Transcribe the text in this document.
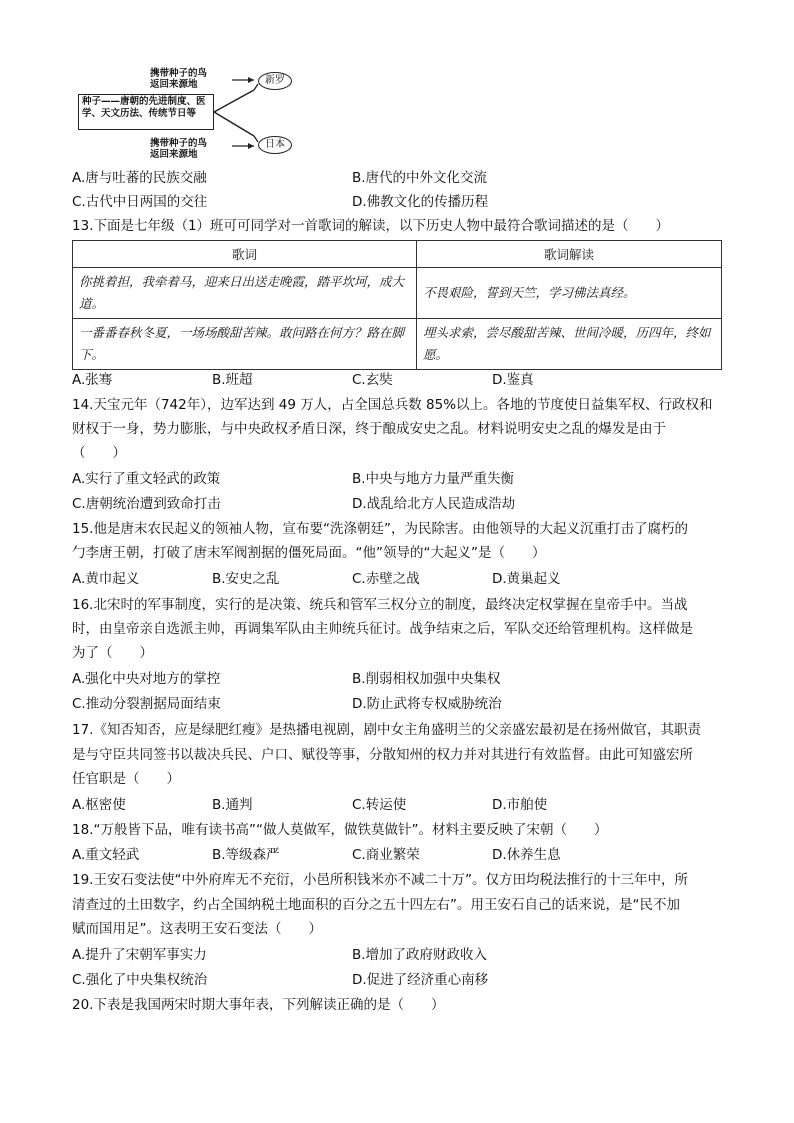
携带种子的鸟
返回来源地
种子——唐朝的先进制度、医学、天文历法、传统节日等
携带种子的鸟
返回来源地
新罗
日本
A.唐与吐蕃的民族交融	B.唐代的中外文化交流
C.古代中日两国的交往	D.佛教文化的传播历程
13.下面是七年级（1）班可可同学对一首歌词的解读，以下历史人物中最符合歌词描述的是（　　）
歌词	歌词解读
你挑着担，我牵着马，迎来日出送走晚霞，踏平坎坷，成大道。	不畏艰险，誓到天竺，学习佛法真经。
一番番春秋冬夏，一场场酸甜苦辣。敢问路在何方？路在脚下。	埋头求索，尝尽酸甜苦辣、世间冷暖，历四年，终如愿。
A.张骞	B.班超	C.玄奘	D.鉴真
14.天宝元年（742年），边军达到 49 万人，占全国总兵数 85%以上。各地的节度使日益集军权、行政权和
财权于一身，势力膨胀，与中央政权矛盾日深，终于酿成安史之乱。材料说明安史之乱的爆发是由于
（　　）
A.实行了重文轻武的政策	B.中央与地方力量严重失衡
C.唐朝统治遭到致命打击	D.战乱给北方人民造成浩劫
15.他是唐末农民起义的领袖人物，宣布要“洗涤朝廷”，为民除害。由他领导的大起义沉重打击了腐朽的
勹李唐王朝，打破了唐末军阀割据的僵死局面。“他”领导的“大起义”是（　　）
A.黄巾起义	B.安史之乱	C.赤壁之战	D.黄巢起义
16.北宋时的军事制度，实行的是决策、统兵和管军三权分立的制度，最终决定权掌握在皇帝手中。当战
时，由皇帝亲自选派主帅，再调集军队由主帅统兵征讨。战争结束之后，军队交还给管理机构。这样做是
为了（　　）
A.强化中央对地方的掌控	B.削弱相权加强中央集权
C.推动分裂割据局面结束	D.防止武将专权威胁统治
17.《知否知否，应是绿肥红瘦》是热播电视剧，剧中女主角盛明兰的父亲盛宏最初是在扬州做官，其职责
是与守臣共同签书以裁决兵民、户口、赋役等事，分散知州的权力并对其进行有效监督。由此可知盛宏所
任官职是（　　）
A.枢密使	B.通判	C.转运使	D.市舶使
18.“万般皆下品，唯有读书高”“做人莫做军，做铁莫做针”。材料主要反映了宋朝（　　）
A.重文轻武	B.等级森严	C.商业繁荣	D.休养生息
19.王安石变法使“中外府库无不充衍，小邑所积钱米亦不减二十万”。仅方田均税法推行的十三年中，所
清查过的土田数字，约占全国纳税土地面积的百分之五十四左右”。用王安石自己的话来说，是“民不加
赋而国用足”。这表明王安石变法（　　）
A.提升了宋朝军事实力	B.增加了政府财政收入
C.强化了中央集权统治	D.促进了经济重心南移
20.下表是我国两宋时期大事年表，下列解读正确的是（　　）
